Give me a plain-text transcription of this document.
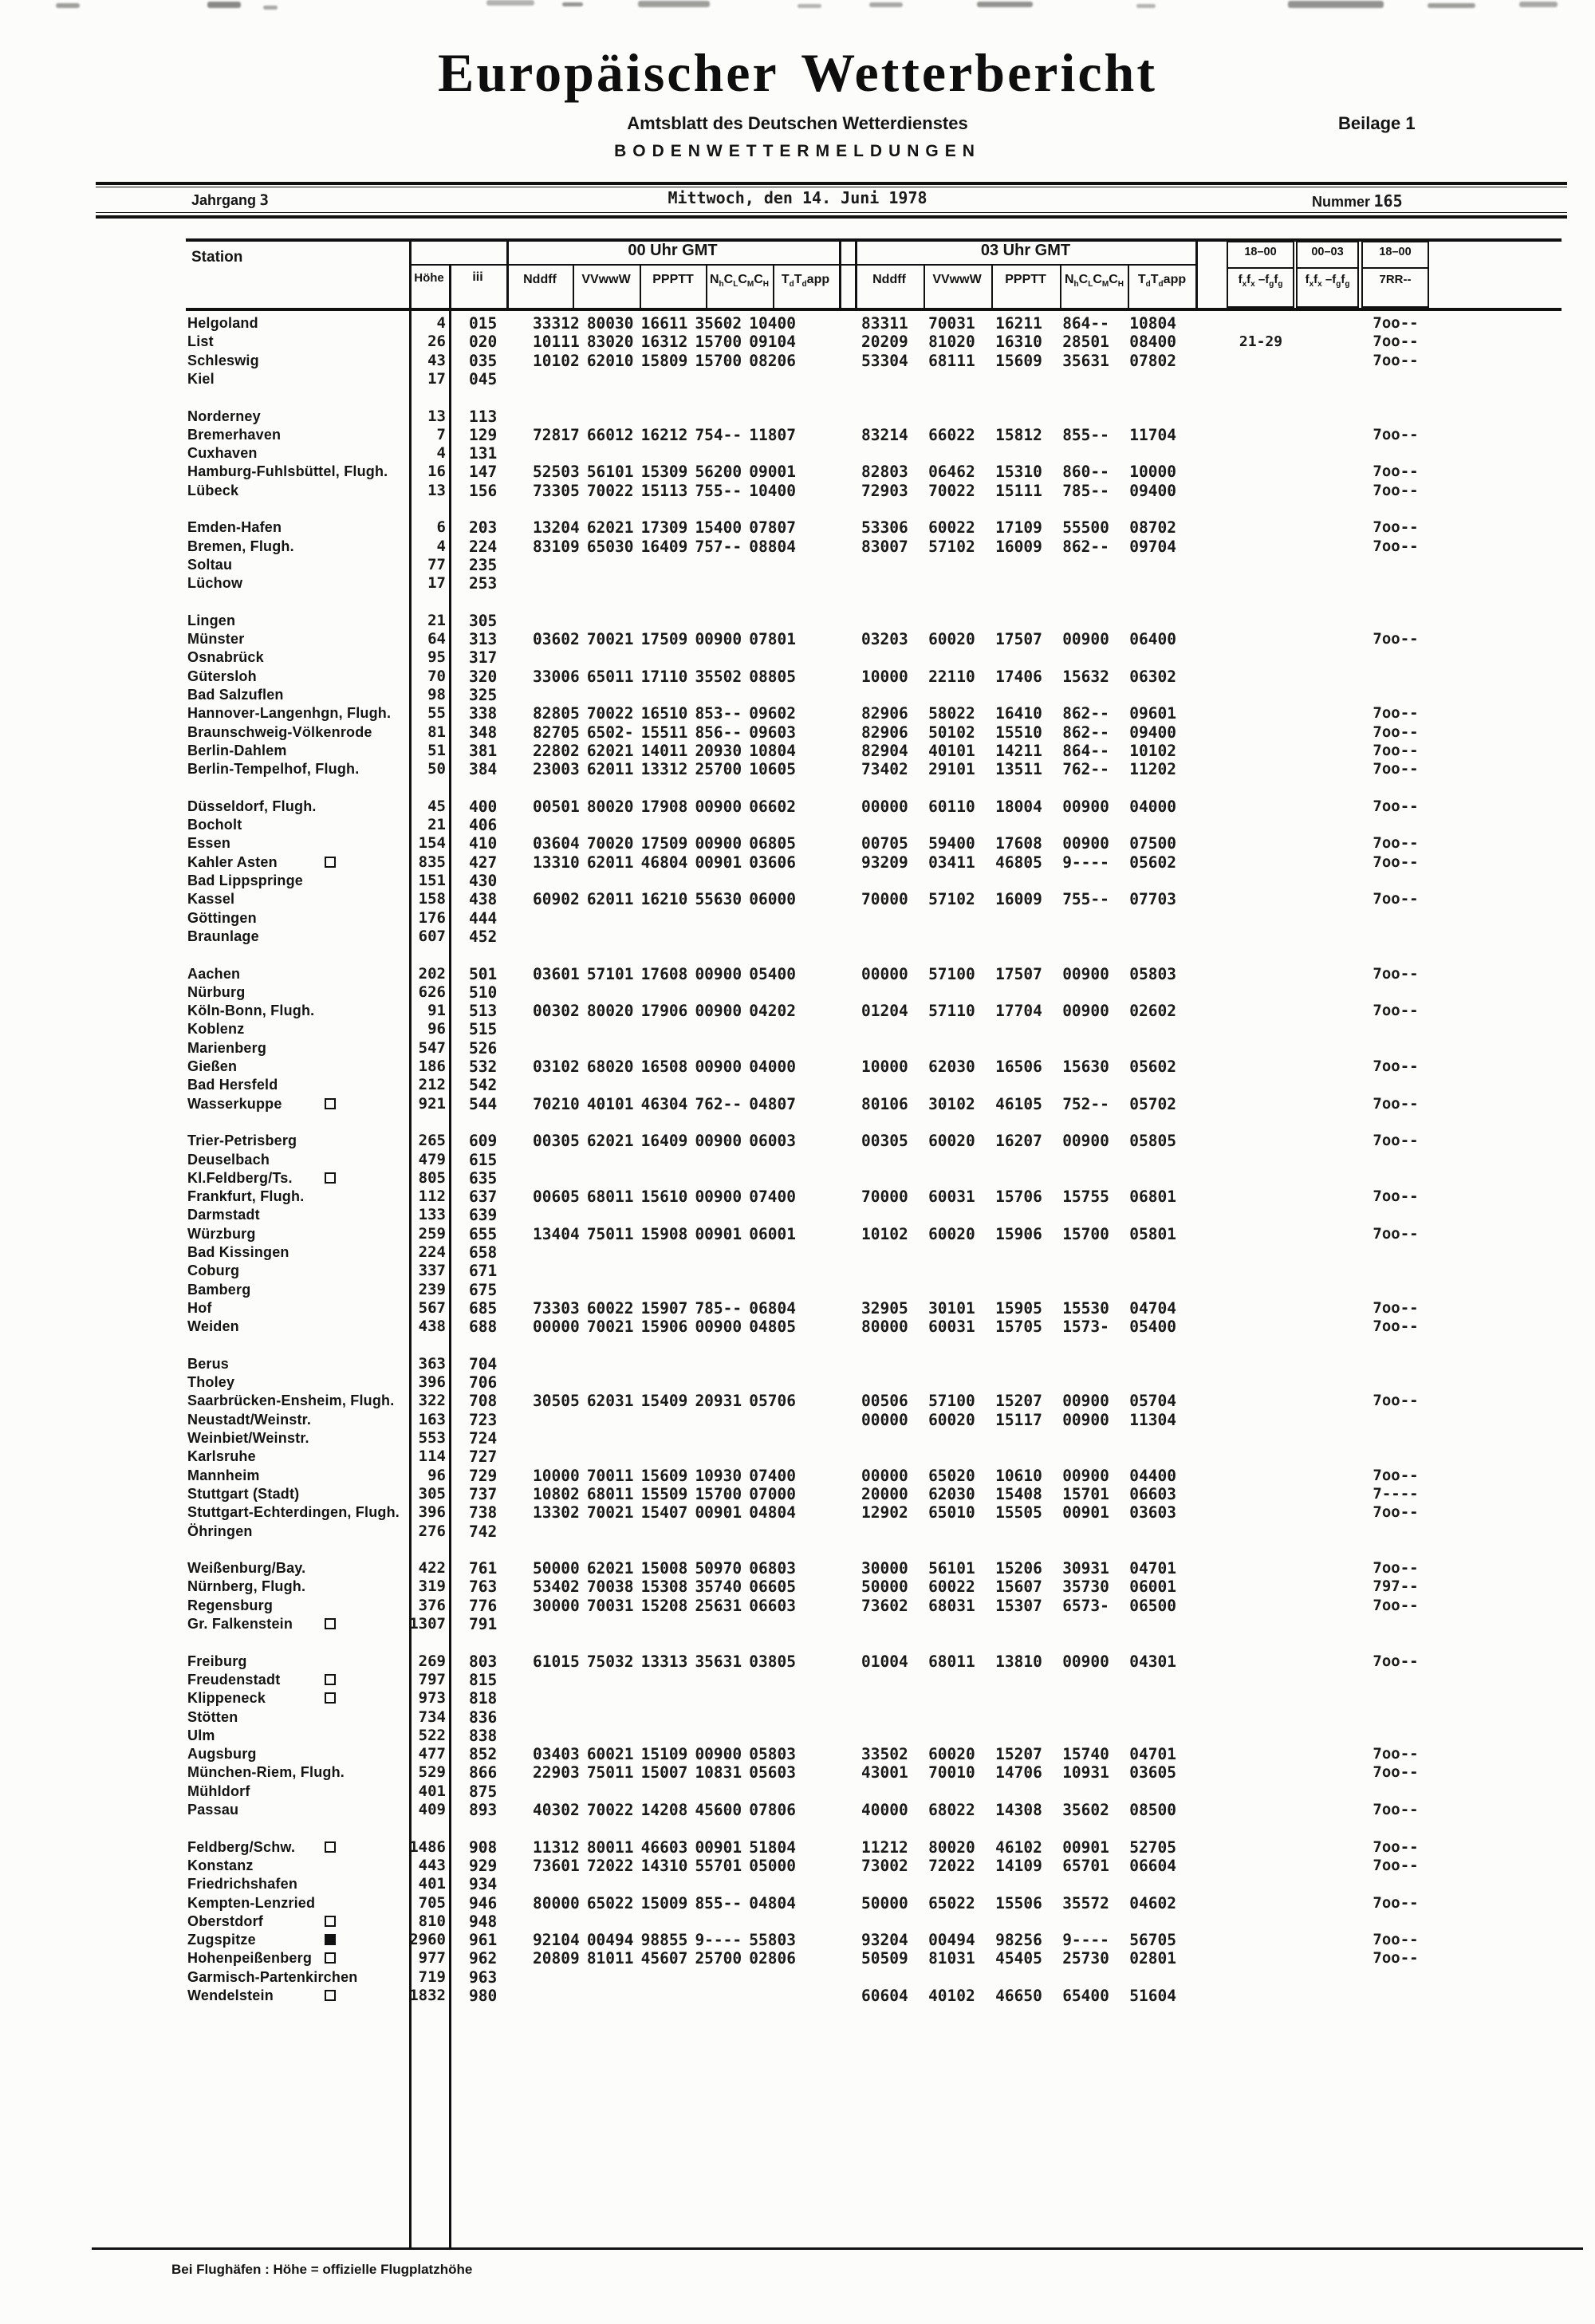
Europäischer Wetterbericht
Amtsblatt des Deutschen Wetterdienstes	Beilage 1
BODENWETTERMELDUNGEN
Jahrgang 3	Mittwoch, den 14. Juni 1978	Nummer 165
Station
Höhe	iii
00 Uhr GMT	03 Uhr GMT
Nddff	Nddff
VVwwW	VVwwW
PPPTT	PPPTT
$N_hC_LC_MC_H$	$N_hC_LC_MC_H$
$T_dT_dapp$	$T_dT_dapp$
18–00
$f_xf_x$ $-f_gf_g$
00–03
$f_xf_x$ $-f_gf_g$
18–00
7RR--
Helgoland	4 015 33312 80030 16611 35602 10400	83311 70031 16211 864-- 10804	7oo--
List	26 020 10111 83020 16312 15700 09104	20209 81020 16310 28501 08400	21-29	7oo--
Schleswig	43 035 10102 62010 15809 15700 08206	53304 68111 15609 35631 07802	7oo--
Kiel	17 045
Norderney	13 113
Bremerhaven	7 129 72817 66012 16212 754-- 11807	83214 66022 15812 855-- 11704	7oo--
Cuxhaven	4 131
Hamburg-Fuhlsbüttel, Flugh.	16 147 52503 56101 15309 56200 09001	82803 06462 15310 860-- 10000	7oo--
Lübeck	13 156 73305 70022 15113 755-- 10400	72903 70022 15111 785-- 09400	7oo--
Emden-Hafen	6 203 13204 62021 17309 15400 07807	53306 60022 17109 55500 08702	7oo--
Bremen, Flugh.	4 224 83109 65030 16409 757-- 08804	83007 57102 16009 862-- 09704	7oo--
Soltau	77 235
Lüchow	17 253
Lingen	21 305
Münster	64 313 03602 70021 17509 00900 07801	03203 60020 17507 00900 06400	7oo--
Osnabrück	95 317
Gütersloh	70 320 33006 65011 17110 35502 08805	10000 22110 17406 15632 06302
Bad Salzuflen	98 325
Hannover-Langenhgn, Flugh.	55 338 82805 70022 16510 853-- 09602	82906 58022 16410 862-- 09601	7oo--
Braunschweig-Völkenrode	81 348 82705 6502- 15511 856-- 09603	82906 50102 15510 862-- 09400	7oo--
Berlin-Dahlem	51 381 22802 62021 14011 20930 10804	82904 40101 14211 864-- 10102	7oo--
Berlin-Tempelhof, Flugh.	50 384 23003 62011 13312 25700 10605	73402 29101 13511 762-- 11202	7oo--
Düsseldorf, Flugh.	45 400 00501 80020 17908 00900 06602	00000 60110 18004 00900 04000	7oo--
Bocholt	21 406
Essen	154 410 03604 70020 17509 00900 06805	00705 59400 17608 00900 07500	7oo--
Kahler Asten	835 427 13310 62011 46804 00901 03606	93209 03411 46805 9---- 05602	7oo--
Bad Lippspringe	151 430
Kassel	158 438 60902 62011 16210 55630 06000	70000 57102 16009 755-- 07703	7oo--
Göttingen	176 444
Braunlage	607 452
Aachen	202 501 03601 57101 17608 00900 05400	00000 57100 17507 00900 05803	7oo--
Nürburg	626 510
Köln-Bonn, Flugh.	91 513 00302 80020 17906 00900 04202	01204 57110 17704 00900 02602	7oo--
Koblenz	96 515
Marienberg	547 526
Gießen	186 532 03102 68020 16508 00900 04000	10000 62030 16506 15630 05602	7oo--
Bad Hersfeld	212 542
Wasserkuppe	921 544 70210 40101 46304 762-- 04807	80106 30102 46105 752-- 05702	7oo--
Trier-Petrisberg	265 609 00305 62021 16409 00900 06003	00305 60020 16207 00900 05805	7oo--
Deuselbach	479 615
Kl.Feldberg/Ts.	805 635
Frankfurt, Flugh.	112 637 00605 68011 15610 00900 07400	70000 60031 15706 15755 06801	7oo--
Darmstadt	133 639
Würzburg	259 655 13404 75011 15908 00901 06001	10102 60020 15906 15700 05801	7oo--
Bad Kissingen	224 658
Coburg	337 671
Bamberg	239 675
Hof	567 685 73303 60022 15907 785-- 06804	32905 30101 15905 15530 04704	7oo--
Weiden	438 688 00000 70021 15906 00900 04805	80000 60031 15705 1573- 05400	7oo--
Berus	363 704
Tholey	396 706
Saarbrücken-Ensheim, Flugh.	322 708 30505 62031 15409 20931 05706	00506 57100 15207 00900 05704	7oo--
Neustadt/Weinstr.	163 723	00000 60020 15117 00900 11304
Weinbiet/Weinstr.	553 724
Karlsruhe	114 727
Mannheim	96 729 10000 70011 15609 10930 07400	00000 65020 10610 00900 04400	7oo--
Stuttgart (Stadt)	305 737 10802 68011 15509 15700 07000	20000 62030 15408 15701 06603	7----
Stuttgart-Echterdingen, Flugh.	396 738 13302 70021 15407 00901 04804	12902 65010 15505 00901 03603	7oo--
Öhringen	276 742
Weißenburg/Bay.	422 761 50000 62021 15008 50970 06803	30000 56101 15206 30931 04701	7oo--
Nürnberg, Flugh.	319 763 53402 70038 15308 35740 06605	50000 60022 15607 35730 06001	797--
Regensburg	376 776 30000 70031 15208 25631 06603	73602 68031 15307 6573- 06500	7oo--
Gr. Falkenstein	1307 791
Freiburg	269 803 61015 75032 13313 35631 03805	01004 68011 13810 00900 04301	7oo--
Freudenstadt	797 815
Klippeneck	973 818
Stötten	734 836
Ulm	522 838
Augsburg	477 852 03403 60021 15109 00900 05803	33502 60020 15207 15740 04701	7oo--
München-Riem, Flugh.	529 866 22903 75011 15007 10831 05603	43001 70010 14706 10931 03605	7oo--
Mühldorf	401 875
Passau	409 893 40302 70022 14208 45600 07806	40000 68022 14308 35602 08500	7oo--
Feldberg/Schw.	1486 908 11312 80011 46603 00901 51804	11212 80020 46102 00901 52705	7oo--
Konstanz	443 929 73601 72022 14310 55701 05000	73002 72022 14109 65701 06604	7oo--
Friedrichshafen	401 934
Kempten-Lenzried	705 946 80000 65022 15009 855-- 04804	50000 65022 15506 35572 04602	7oo--
Oberstdorf	810 948
Zugspitze	2960 961 92104 00494 98855 9---- 55803	93204 00494 98256 9---- 56705	7oo--
Hohenpeißenberg	977 962 20809 81011 45607 25700 02806	50509 81031 45405 25730 02801	7oo--
Garmisch-Partenkirchen	719 963
Wendelstein	1832 980	60604 40102 46650 65400 51604
Bei Flughäfen : Höhe = offizielle Flugplatzhöhe
